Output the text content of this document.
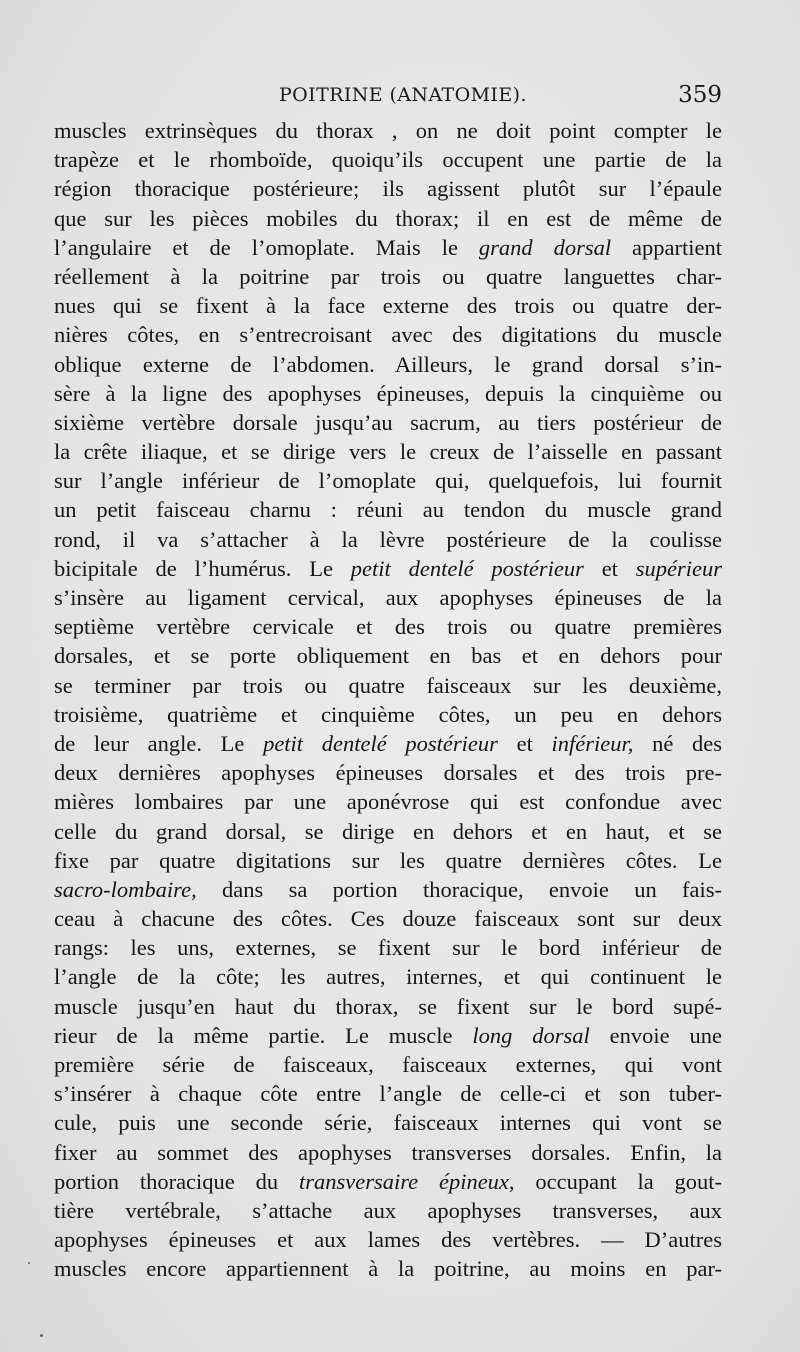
POITRINE (ANATOMIE).	359
muscles extrinsèques du thorax , on ne doit point compter le
trapèze et le rhomboïde, quoiqu’ils occupent une partie de la
région thoracique postérieure; ils agissent plutôt sur l’épaule
que sur les pièces mobiles du thorax; il en est de même de
l’angulaire et de l’omoplate. Mais le grand dorsal appartient
réellement à la poitrine par trois ou quatre languettes char-
nues qui se fixent à la face externe des trois ou quatre der-
nières côtes, en s’entrecroisant avec des digitations du muscle
oblique externe de l’abdomen. Ailleurs, le grand dorsal s’in-
sère à la ligne des apophyses épineuses, depuis la cinquième ou
sixième vertèbre dorsale jusqu’au sacrum, au tiers postérieur de
la crête iliaque, et se dirige vers le creux de l’aisselle en passant
sur l’angle inférieur de l’omoplate qui, quelquefois, lui fournit
un petit faisceau charnu : réuni au tendon du muscle grand
rond, il va s’attacher à la lèvre postérieure de la coulisse
bicipitale de l’humérus. Le petit dentelé postérieur et supérieur
s’insère au ligament cervical, aux apophyses épineuses de la
septième vertèbre cervicale et des trois ou quatre premières
dorsales, et se porte obliquement en bas et en dehors pour
se terminer par trois ou quatre faisceaux sur les deuxième,
troisième, quatrième et cinquième côtes, un peu en dehors
de leur angle. Le petit dentelé postérieur et inférieur, né des
deux dernières apophyses épineuses dorsales et des trois pre-
mières lombaires par une aponévrose qui est confondue avec
celle du grand dorsal, se dirige en dehors et en haut, et se
fixe par quatre digitations sur les quatre dernières côtes. Le
sacro-lombaire, dans sa portion thoracique, envoie un fais-
ceau à chacune des côtes. Ces douze faisceaux sont sur deux
rangs: les uns, externes, se fixent sur le bord inférieur de
l’angle de la côte; les autres, internes, et qui continuent le
muscle jusqu’en haut du thorax, se fixent sur le bord supé-
rieur de la même partie. Le muscle long dorsal envoie une
première série de faisceaux, faisceaux externes, qui vont
s’insérer à chaque côte entre l’angle de celle-ci et son tuber-
cule, puis une seconde série, faisceaux internes qui vont se
fixer au sommet des apophyses transverses dorsales. Enfin, la
portion thoracique du transversaire épineux, occupant la gout-
tière vertébrale, s’attache aux apophyses transverses, aux
apophyses épineuses et aux lames des vertèbres. — D’autres
muscles encore appartiennent à la poitrine, au moins en par-
